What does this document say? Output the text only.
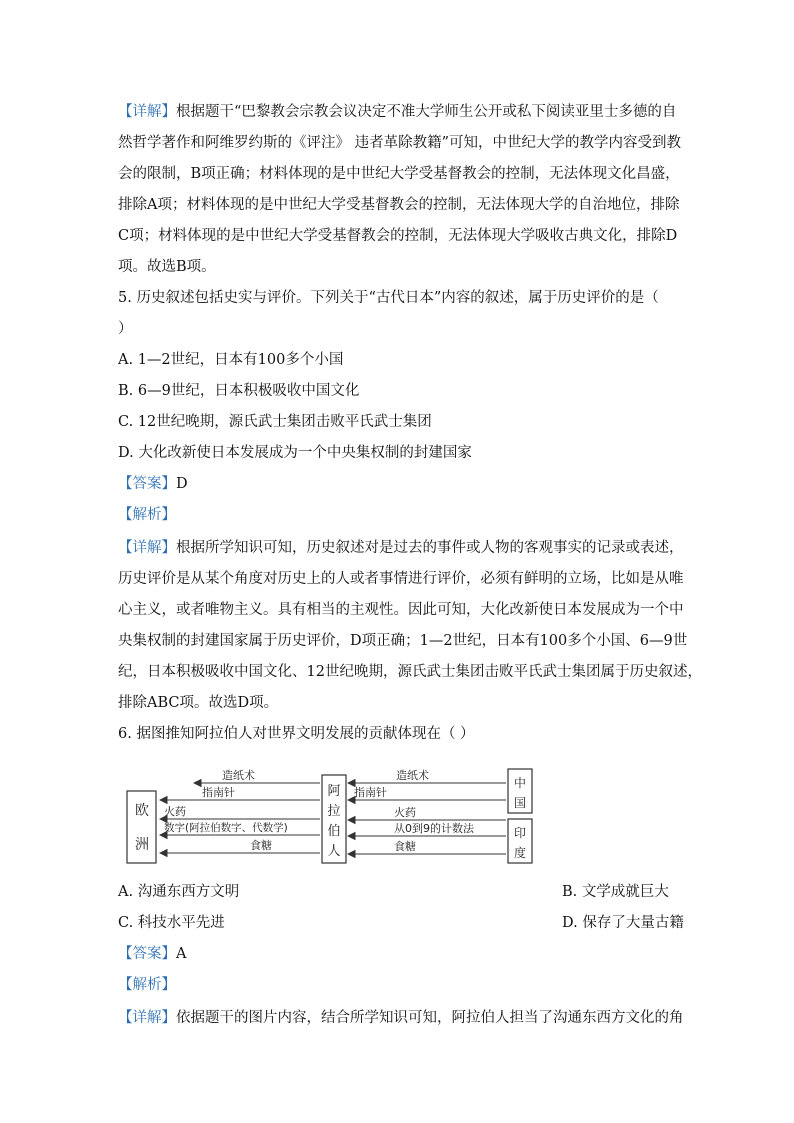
【详解】根据题干“巴黎教会宗教会议决定不准大学师生公开或私下阅读亚里士多德的自
然哲学著作和阿维罗约斯的《评注》 违者革除教籍”可知，中世纪大学的教学内容受到教
会的限制，B项正确；材料体现的是中世纪大学受基督教会的控制，无法体现文化昌盛，
排除A项；材料体现的是中世纪大学受基督教会的控制，无法体现大学的自治地位，排除
C项；材料体现的是中世纪大学受基督教会的控制，无法体现大学吸收古典文化，排除D
项。故选B项。
5. 历史叙述包括史实与评价。下列关于“古代日本”内容的叙述，属于历史评价的是（
）
A. 1—2世纪，日本有100多个小国
B. 6—9世纪，日本积极吸收中国文化
C. 12世纪晚期，源氏武士集团击败平氏武士集团
D. 大化改新使日本发展成为一个中央集权制的封建国家
【答案】D
【解析】
【详解】根据所学知识可知，历史叙述对是过去的事件或人物的客观事实的记录或表述，
历史评价是从某个角度对历史上的人或者事情进行评价，必须有鲜明的立场，比如是从唯
心主义，或者唯物主义。具有相当的主观性。因此可知，大化改新使日本发展成为一个中
央集权制的封建国家属于历史评价，D项正确；1—2世纪，日本有100多个小国、6—9世
纪，日本积极吸收中国文化、12世纪晚期，源氏武士集团击败平氏武士集团属于历史叙述，
排除ABC项。故选D项。
6. 据图推知阿拉伯人对世界文明发展的贡献体现在（ ）
欧
洲
阿
拉
伯
人
中
国
印
度
造纸术
指南针
火药
数字(阿拉伯数字、代数学)
食糖
造纸术
指南针
火药
从0到9的计数法
食糖
A. 沟通东西方文明	B. 文学成就巨大
C. 科技水平先进	D. 保存了大量古籍
【答案】A
【解析】
【详解】依据题干的图片内容，结合所学知识可知，阿拉伯人担当了沟通东西方文化的角
